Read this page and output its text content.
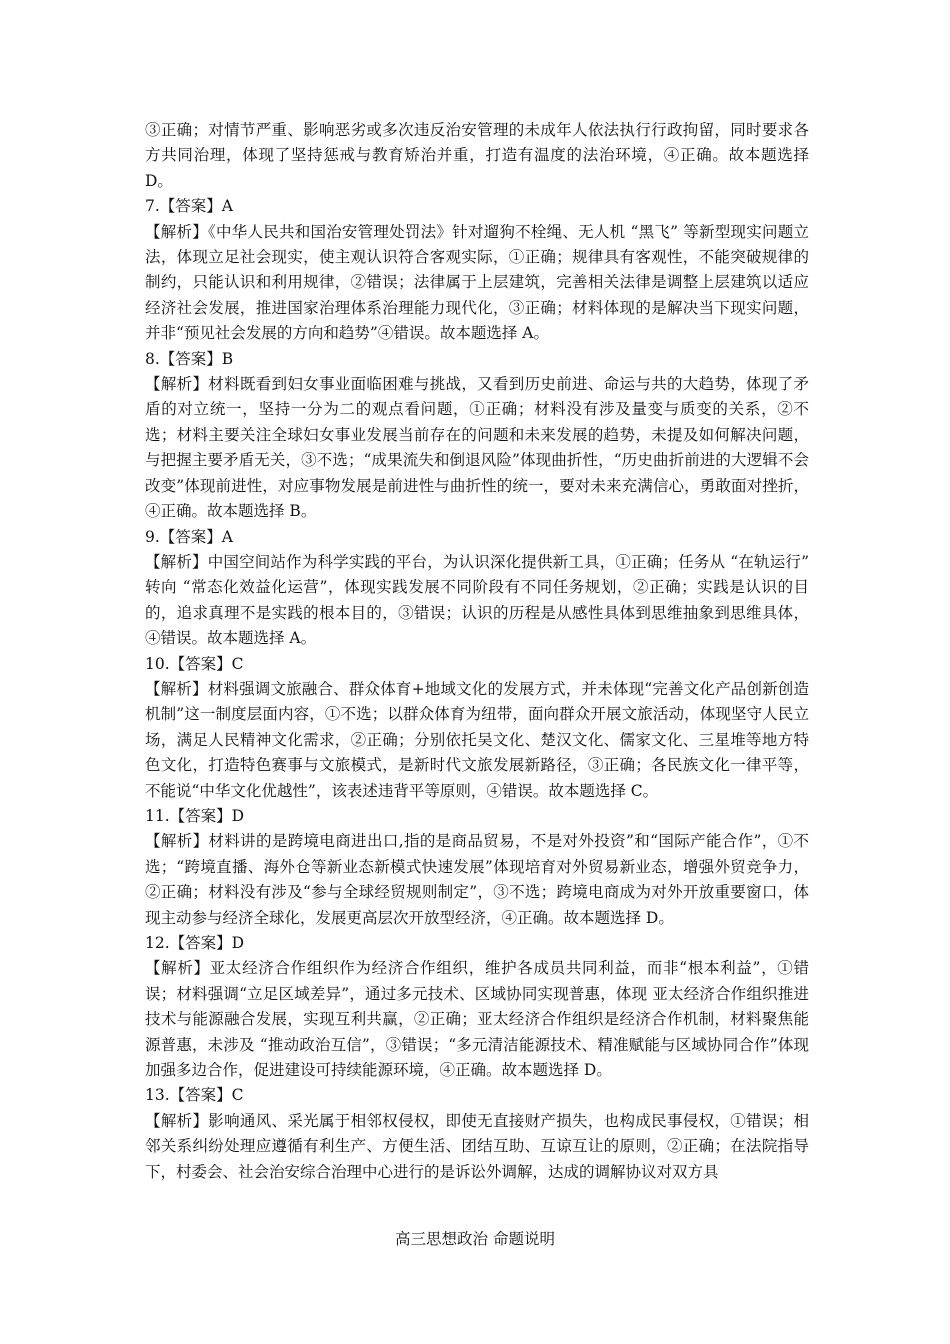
③正确；对情节严重、影响恶劣或多次违反治安管理的未成年人依法执行行政拘留，同时要求各方共同治理，体现了坚持惩戒与教育矫治并重，打造有温度的法治环境，④正确。故本题选择 D。

7.【答案】A

【解析】《中华人民共和国治安管理处罚法》针对遛狗不栓绳、无人机 “黑飞” 等新型现实问题立法，体现立足社会现实，使主观认识符合客观实际，①正确；规律具有客观性，不能突破规律的制约，只能认识和利用规律，②错误；法律属于上层建筑，完善相关法律是调整上层建筑以适应经济社会发展，推进国家治理体系治理能力现代化，③正确；材料体现的是解决当下现实问题，并非“预见社会发展的方向和趋势”④错误。故本题选择 A。

8.【答案】B

【解析】材料既看到妇女事业面临困难与挑战，又看到历史前进、命运与共的大趋势，体现了矛盾的对立统一，坚持一分为二的观点看问题，①正确；材料没有涉及量变与质变的关系，②不选；材料主要关注全球妇女事业发展当前存在的问题和未来发展的趋势，未提及如何解决问题，与把握主要矛盾无关，③不选；“成果流失和倒退风险”体现曲折性，“历史曲折前进的大逻辑不会改变”体现前进性，对应事物发展是前进性与曲折性的统一，要对未来充满信心，勇敢面对挫折，④正确。故本题选择 B。

9.【答案】A

【解析】中国空间站作为科学实践的平台，为认识深化提供新工具，①正确；任务从 “在轨运行” 转向 “常态化效益化运营”，体现实践发展不同阶段有不同任务规划，②正确；实践是认识的目的，追求真理不是实践的根本目的，③错误；认识的历程是从感性具体到思维抽象到思维具体，④错误。故本题选择 A。

10.【答案】C

【解析】材料强调文旅融合、群众体育+地域文化的发展方式，并未体现“完善文化产品创新创造机制”这一制度层面内容，①不选；以群众体育为纽带，面向群众开展文旅活动，体现坚守人民立场，满足人民精神文化需求，②正确；分别依托吴文化、楚汉文化、儒家文化、三星堆等地方特色文化，打造特色赛事与文旅模式，是新时代文旅发展新路径，③正确；各民族文化一律平等，不能说“中华文化优越性”，该表述违背平等原则，④错误。故本题选择 C。

11.【答案】D

【解析】材料讲的是跨境电商进出口,指的是商品贸易，不是对外投资”和“国际产能合作”，①不选；“跨境直播、海外仓等新业态新模式快速发展”体现培育对外贸易新业态，增强外贸竞争力，②正确；材料没有涉及“参与全球经贸规则制定”，③不选；跨境电商成为对外开放重要窗口，体现主动参与经济全球化，发展更高层次开放型经济，④正确。故本题选择 D。

12.【答案】D

【解析】亚太经济合作组织作为经济合作组织，维护各成员共同利益，而非“根本利益”，①错误；材料强调“立足区域差异”，通过多元技术、区域协同实现普惠，体现 亚太经济合作组织推进技术与能源融合发展，实现互利共赢，②正确；亚太经济合作组织是经济合作机制，材料聚焦能源普惠，未涉及 “推动政治互信”，③错误；“多元清洁能源技术、精准赋能与区域协同合作”体现加强多边合作，促进建设可持续能源环境，④正确。故本题选择 D。

13.【答案】C

【解析】影响通风、采光属于相邻权侵权，即使无直接财产损失，也构成民事侵权，①错误；相邻关系纠纷处理应遵循有利生产、方便生活、团结互助、互谅互让的原则，②正确；在法院指导下，村委会、社会治安综合治理中心进行的是诉讼外调解，达成的调解协议对双方具

高三思想政治 命题说明
